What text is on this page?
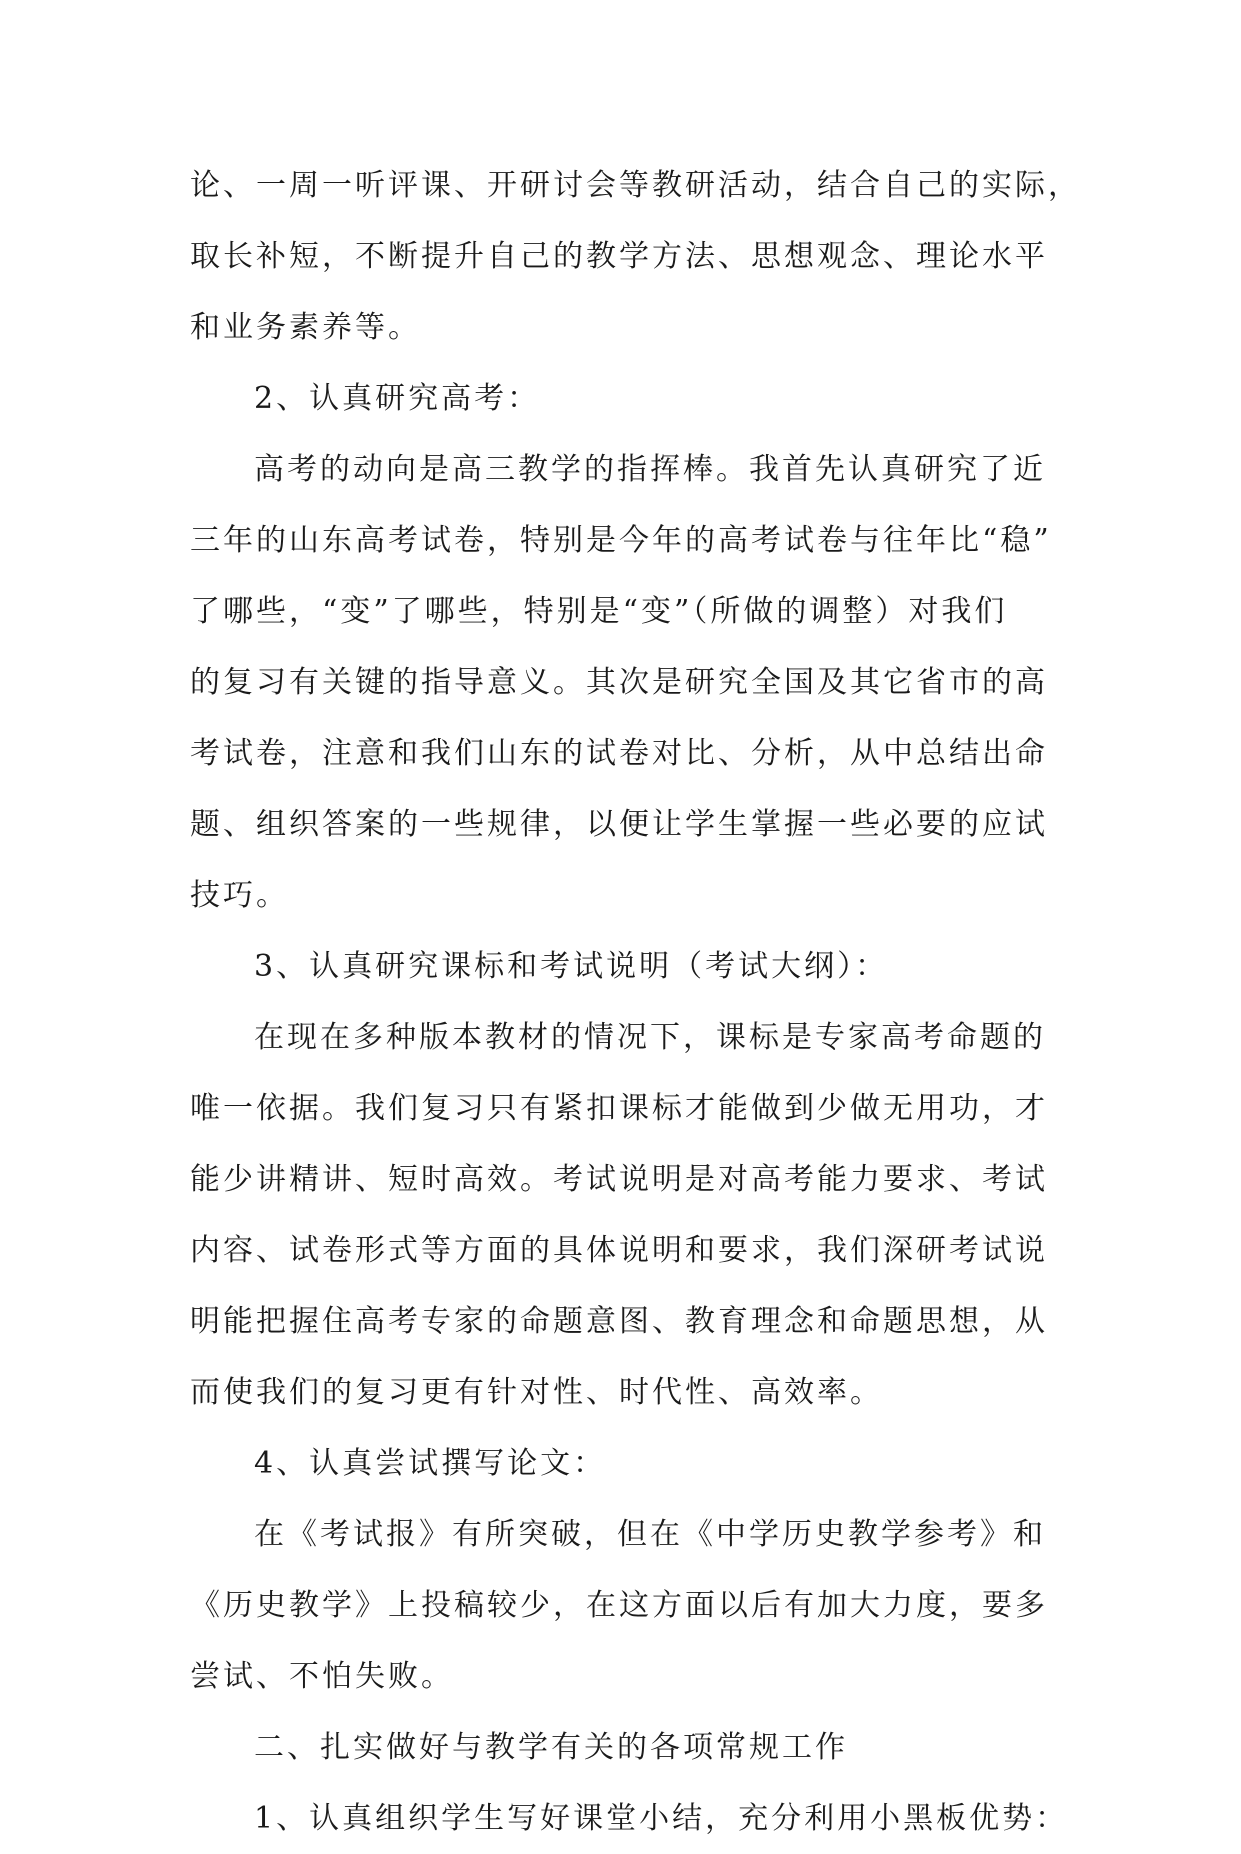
论、一周一听评课、开研讨会等教研活动，结合自己的实际，
取长补短，不断提升自己的教学方法、思想观念、理论水平
和业务素养等。
2、认真研究高考：
高考的动向是高三教学的指挥棒。我首先认真研究了近
三年的山东高考试卷，特别是今年的高考试卷与往年比“稳”
了哪些，“变”了哪些，特别是“变”（所做的调整）对我们
的复习有关键的指导意义。其次是研究全国及其它省市的高
考试卷，注意和我们山东的试卷对比、分析，从中总结出命
题、组织答案的一些规律，以便让学生掌握一些必要的应试
技巧。
3、认真研究课标和考试说明（考试大纲）：
在现在多种版本教材的情况下，课标是专家高考命题的
唯一依据。我们复习只有紧扣课标才能做到少做无用功，才
能少讲精讲、短时高效。考试说明是对高考能力要求、考试
内容、试卷形式等方面的具体说明和要求，我们深研考试说
明能把握住高考专家的命题意图、教育理念和命题思想，从
而使我们的复习更有针对性、时代性、高效率。
4、认真尝试撰写论文：
在《考试报》有所突破，但在《中学历史教学参考》和
《历史教学》上投稿较少，在这方面以后有加大力度，要多
尝试、不怕失败。
二、扎实做好与教学有关的各项常规工作
1、认真组织学生写好课堂小结，充分利用小黑板优势：
